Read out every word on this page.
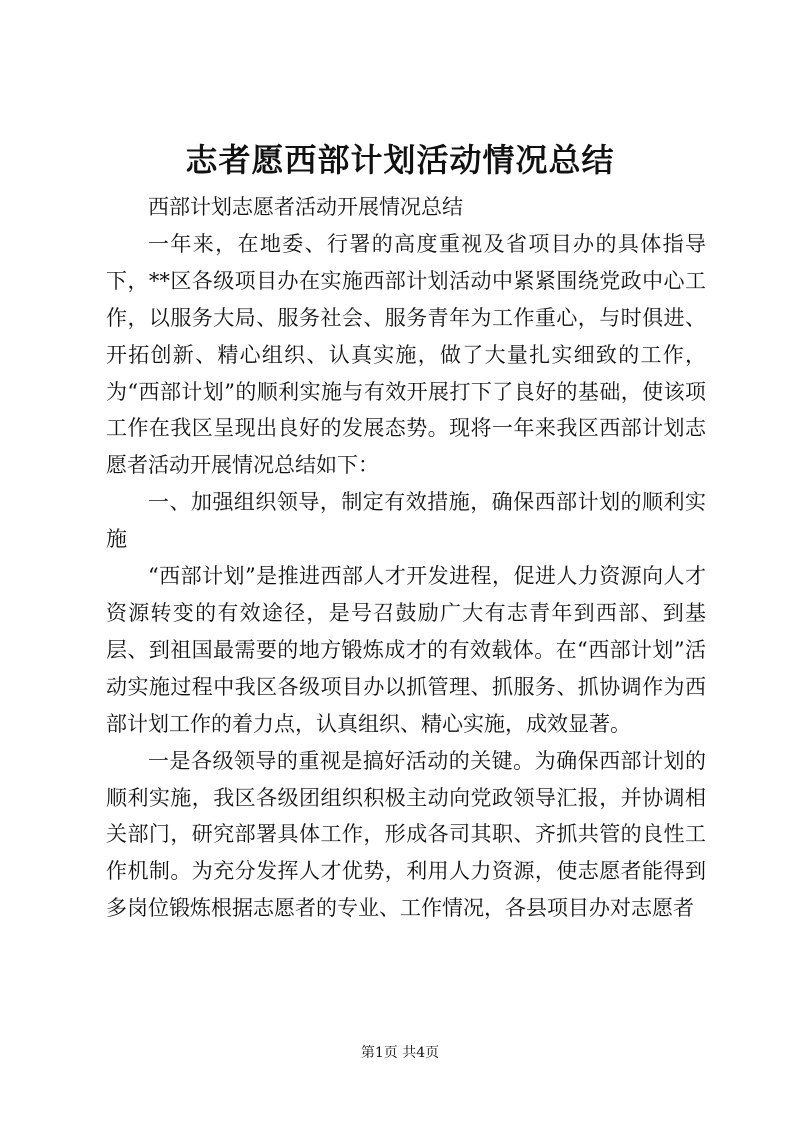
志者愿西部计划活动情况总结

西部计划志愿者活动开展情况总结

一年来，在地委、行署的高度重视及省项目办的具体指导下，**区各级项目办在实施西部计划活动中紧紧围绕党政中心工作，以服务大局、服务社会、服务青年为工作重心，与时俱进、开拓创新、精心组织、认真实施，做了大量扎实细致的工作，为“西部计划”的顺利实施与有效开展打下了良好的基础，使该项工作在我区呈现出良好的发展态势。现将一年来我区西部计划志愿者活动开展情况总结如下：

一、加强组织领导，制定有效措施，确保西部计划的顺利实施

“西部计划”是推进西部人才开发进程，促进人力资源向人才资源转变的有效途径，是号召鼓励广大有志青年到西部、到基层、到祖国最需要的地方锻炼成才的有效载体。在“西部计划”活动实施过程中我区各级项目办以抓管理、抓服务、抓协调作为西部计划工作的着力点，认真组织、精心实施，成效显著。

一是各级领导的重视是搞好活动的关键。为确保西部计划的顺利实施，我区各级团组织积极主动向党政领导汇报，并协调相关部门，研究部署具体工作，形成各司其职、齐抓共管的良性工作机制。为充分发挥人才优势，利用人力资源，使志愿者能得到多岗位锻炼根据志愿者的专业、工作情况，各县项目办对志愿者

第1页 共4页
